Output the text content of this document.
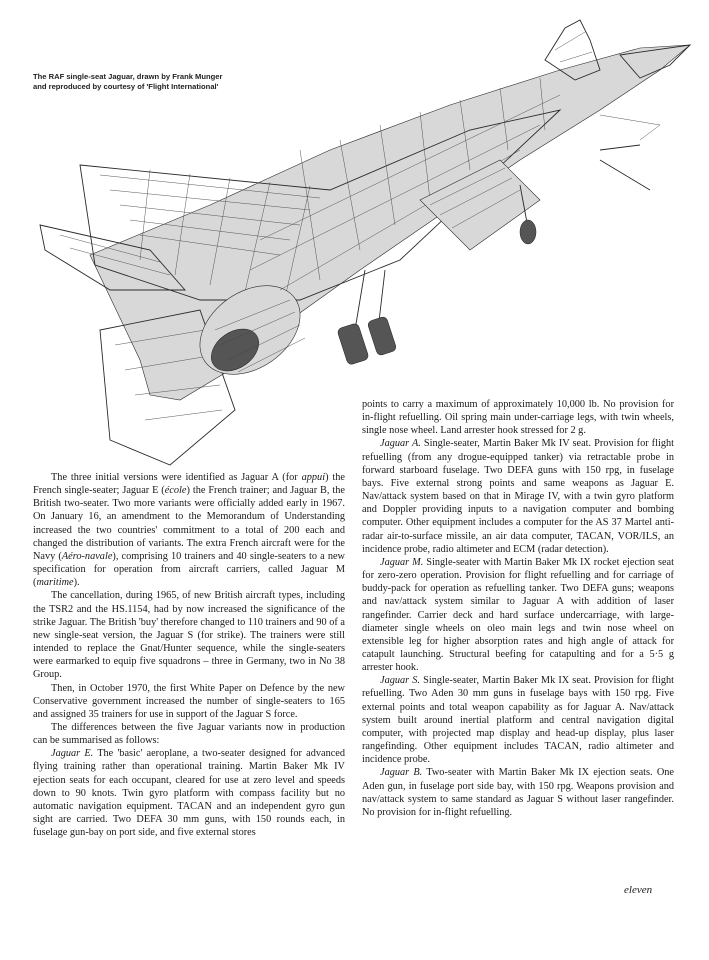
The RAF single-seat Jaguar, drawn by Frank Munger
and reproduced by courtesy of 'Flight International'

The three initial versions were identified as Jaguar A (for appui) the French single-seater; Jaguar E (école) the French trainer; and Jaguar B, the British two-seater. Two more variants were officially added early in 1967. On January 16, an amendment to the Memorandum of Understanding increased the two countries' commitment to a total of 200 each and changed the distribution of variants. The extra French aircraft were for the Navy (Aéro-navale), comprising 10 trainers and 40 single-seaters to a new specification for operation from aircraft carriers, called Jaguar M (maritime).

The cancellation, during 1965, of new British aircraft types, including the TSR2 and the HS.1154, had by now increased the significance of the strike Jaguar. The British 'buy' therefore changed to 110 trainers and 90 of a new single-seat version, the Jaguar S (for strike). The trainers were still intended to replace the Gnat/Hunter sequence, while the single-seaters were earmarked to equip five squadrons – three in Germany, two in No 38 Group.

Then, in October 1970, the first White Paper on Defence by the new Conservative government increased the number of single-seaters to 165 and assigned 35 trainers for use in support of the Jaguar S force.

The differences between the five Jaguar variants now in production can be summarised as follows:

Jaguar E. The 'basic' aeroplane, a two-seater designed for advanced flying training rather than operational training. Martin Baker Mk IV ejection seats for each occupant, cleared for use at zero level and speeds down to 90 knots. Twin gyro platform with compass facility but no automatic navigation equipment. TACAN and an independent gyro gun sight are carried. Two DEFA 30 mm guns, with 150 rounds each, in fuselage gun-bay on port side, and five external stores

points to carry a maximum of approximately 10,000 lb. No provision for in-flight refuelling. Oil spring main under-carriage legs, with twin wheels, single nose wheel. Land arrester hook stressed for 2 g.

Jaguar A. Single-seater, Martin Baker Mk IV seat. Provision for flight refuelling (from any drogue-equipped tanker) via retractable probe in forward starboard fuselage. Two DEFA guns with 150 rpg, in fuselage bays. Five external strong points and same weapons as Jaguar E. Nav/attack system based on that in Mirage IV, with a twin gyro platform and Doppler providing inputs to a navigation computer and bombing computer. Other equipment includes a computer for the AS 37 Martel anti-radar air-to-surface missile, an air data computer, TACAN, VOR/ILS, an incidence probe, radio altimeter and ECM (radar detection).

Jaguar M. Single-seater with Martin Baker Mk IX rocket ejection seat for zero-zero operation. Provision for flight refuelling and for carriage of buddy-pack for operation as refuelling tanker. Two DEFA guns; weapons and nav/attack system similar to Jaguar A with addition of laser rangefinder. Carrier deck and hard surface undercarriage, with large-diameter single wheels on oleo main legs and twin nose wheel on extensible leg for higher absorption rates and high angle of attack for catapult launching. Structural beefing for catapulting and for a 5·5 g arrester hook.

Jaguar S. Single-seater, Martin Baker Mk IX seat. Provision for flight refuelling. Two Aden 30 mm guns in fuselage bays with 150 rpg. Five external points and total weapon capability as for Jaguar A. Nav/attack system built around inertial platform and central navigation digital computer, with projected map display and head-up display, plus laser rangefinding. Other equipment includes TACAN, radio altimeter and incidence probe.

Jaguar B. Two-seater with Martin Baker Mk IX ejection seats. One Aden gun, in fuselage port side bay, with 150 rpg. Weapons provision and nav/attack system to same standard as Jaguar S without laser rangefinder. No provision for in-flight refuelling.

eleven
